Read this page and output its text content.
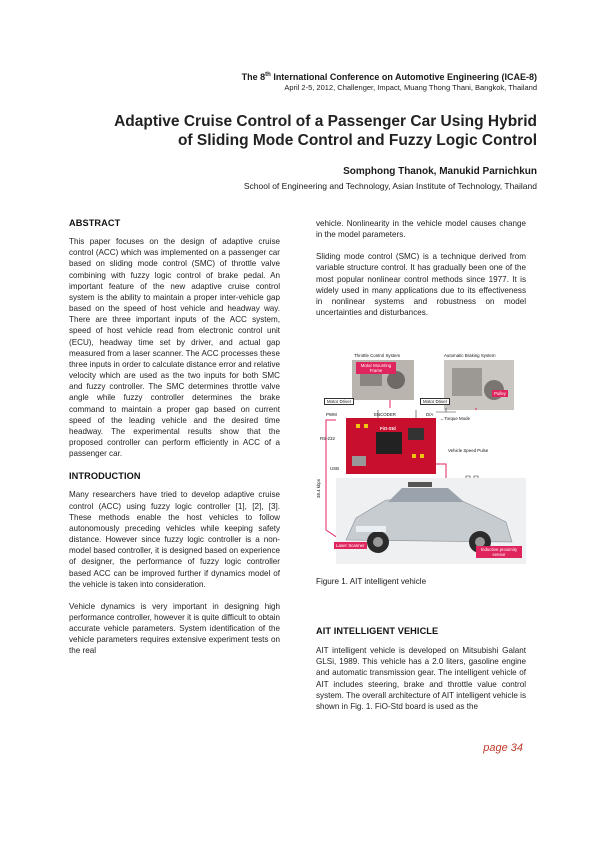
The 8th International Conference on Automotive Engineering (ICAE-8)
April 2-5, 2012, Challenger, Impact, Muang Thong Thani, Bangkok, Thailand
Adaptive Cruise Control of a Passenger Car Using Hybrid
of Sliding Mode Control and Fuzzy Logic Control
Somphong Thanok, Manukid Parnichkun
School of Engineering and Technology, Asian Institute of Technology, Thailand

ABSTRACT

This paper focuses on the design of adaptive cruise control (ACC) which was implemented on a passenger car based on sliding mode control (SMC) of throttle valve combining with fuzzy logic control of brake pedal. An important feature of the new adaptive cruise control system is the ability to maintain a proper inter-vehicle gap based on the speed of host vehicle and headway way. There are three important inputs of the ACC system, speed of host vehicle read from electronic control unit (ECU), headway time set by driver, and actual gap measured from a laser scanner. The ACC processes these three inputs in order to calculate distance error and relative velocity which are used as the two inputs for both SMC and fuzzy controller. The SMC determines throttle valve angle while fuzzy controller determines the brake command to maintain a proper gap based on current speed of the leading vehicle and the desired time headway. The experimental results show that the proposed controller can perform efficiently in ACC of a passenger car.

INTRODUCTION

Many researchers have tried to develop adaptive cruise control (ACC) using fuzzy logic controller [1], [2], [3]. These methods enable the host vehicles to follow autonomously preceding vehicles while keeping safety distance. However since fuzzy logic controller is a non-model based controller, it is designed based on experience of designer, the performance of fuzzy logic controller based ACC can be improved further if dynamics model of the vehicle is taken into consideration.

Vehicle dynamics is very important in designing high performance controller, however it is quite difficult to obtain accurate vehicle parameters. System identification of the vehicle parameters requires extensive experiment tests on the real

vehicle. Nonlinearity in the vehicle model causes change in the model parameters.

Sliding mode control (SMC) is a technique derived from variable structure control. It has gradually been one of the most popular nonlinear control methods since 1977. It is widely used in many applications due to its effectiveness in nonlinear systems and robustness on model uncertainties and disturbances.

Throttle Control System	Automatic Braking System
Motor Mounting Frame
Pulley
Motor Driver	Motor Driver
PWM	ENCODER	D/A
←Torque Mode
RS-232
USB
Vehicle Speed Pulse
38.4 kbps
FiO-Std
Laser Scanner
Inductive proximity sensor
Figure 1. AIT intelligent vehicle

AIT INTELLIGENT VEHICLE

AIT intelligent vehicle is developed on Mitsubishi Galant GLSi, 1989. This vehicle has a 2.0 liters, gasoline engine and automatic transmission gear. The intelligent vehicle of AIT includes steering, brake and throttle value control system. The overall architecture of AIT intelligent vehicle is shown in Fig. 1. FiO-Std board is used as the

page 34
